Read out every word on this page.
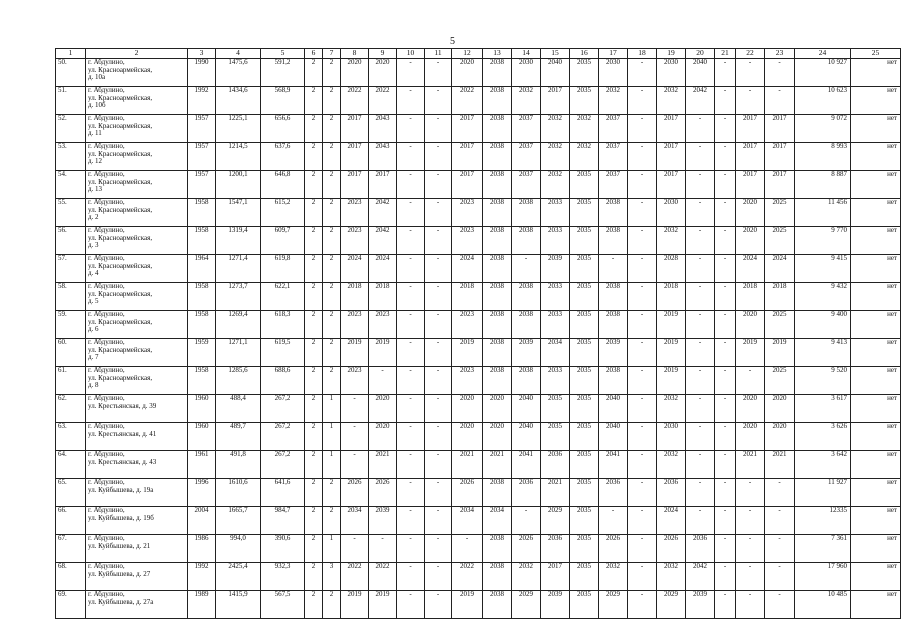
5
1	2	3	4	5	6	7	8	9	10	11	12	13	14	15	16	17	18	19	20	21	22	23	24	25
50.	г. Абдулино,
ул. Красноармейская,
д. 10а	1990	1475,6	591,2	2	2	2020	2020	-	-	2020	2038	2030	2040	2035	2030	-	2030	2040	-	-	-	10 927	нет
51.	г. Абдулино,
ул. Красноармейская,
д. 10б	1992	1434,6	568,9	2	2	2022	2022	-	-	2022	2038	2032	2017	2035	2032	-	2032	2042	-	-	-	10 623	нет
52.	г. Абдулино,
ул. Красноармейская,
д. 11	1957	1225,1	656,6	2	2	2017	2043	-	-	2017	2038	2037	2032	2032	2037	-	2017	-	-	2017	2017	9 072	нет
53.	г. Абдулино,
ул. Красноармейская,
д. 12	1957	1214,5	637,6	2	2	2017	2043	-	-	2017	2038	2037	2032	2032	2037	-	2017	-	-	2017	2017	8 993	нет
54.	г. Абдулино,
ул. Красноармейская,
д. 13	1957	1200,1	646,8	2	2	2017	2017	-	-	2017	2038	2037	2032	2035	2037	-	2017	-	-	2017	2017	8 887	нет
55.	г. Абдулино,
ул. Красноармейская,
д. 2	1958	1547,1	615,2	2	2	2023	2042	-	-	2023	2038	2038	2033	2035	2038	-	2030	-	-	2020	2025	11 456	нет
56.	г. Абдулино,
ул. Красноармейская,
д. 3	1958	1319,4	609,7	2	2	2023	2042	-	-	2023	2038	2038	2033	2035	2038	-	2032	-	-	2020	2025	9 770	нет
57.	г. Абдулино,
ул. Красноармейская,
д. 4	1964	1271,4	619,8	2	2	2024	2024	-	-	2024	2038	-	2039	2035	-	-	2028	-	-	2024	2024	9 415	нет
58.	г. Абдулино,
ул. Красноармейская,
д. 5	1958	1273,7	622,1	2	2	2018	2018	-	-	2018	2038	2038	2033	2035	2038	-	2018	-	-	2018	2018	9 432	нет
59.	г. Абдулино,
ул. Красноармейская,
д. 6	1958	1269,4	618,3	2	2	2023	2023	-	-	2023	2038	2038	2033	2035	2038	-	2019	-	-	2020	2025	9 400	нет
60.	г. Абдулино,
ул. Красноармейская,
д. 7	1959	1271,1	619,5	2	2	2019	2019	-	-	2019	2038	2039	2034	2035	2039	-	2019	-	-	2019	2019	9 413	нет
61.	г. Абдулино,
ул. Красноармейская,
д. 8	1958	1285,6	688,6	2	2	2023	-	-	-	2023	2038	2038	2033	2035	2038	-	2019	-	-	-	2025	9 520	нет
62.	г. Абдулино,
ул. Крестьянская, д. 39	1960	488,4	267,2	2	1	-	2020	-	-	2020	2020	2040	2035	2035	2040	-	2032	-	-	2020	2020	3 617	нет
63.	г. Абдулино,
ул. Крестьянская, д. 41	1960	489,7	267,2	2	1	-	2020	-	-	2020	2020	2040	2035	2035	2040	-	2030	-	-	2020	2020	3 626	нет
64.	г. Абдулино,
ул. Крестьянская, д. 43	1961	491,8	267,2	2	1	-	2021	-	-	2021	2021	2041	2036	2035	2041	-	2032	-	-	2021	2021	3 642	нет
65.	г. Абдулино,
ул. Куйбышева, д. 19а	1996	1610,6	641,6	2	2	2026	2026	-	-	2026	2038	2036	2021	2035	2036	-	2036	-	-	-	-	11 927	нет
66.	г. Абдулино,
ул. Куйбышева, д. 19б	2004	1665,7	984,7	2	2	2034	2039	-	-	2034	2034	-	2029	2035	-	-	2024	-	-	-	-	12335	нет
67.	г. Абдулино,
ул. Куйбышева, д. 21	1986	994,0	390,6	2	1	-	-	-	-	-	2038	2026	2036	2035	2026	-	2026	2036	-	-	-	7 361	нет
68.	г. Абдулино,
ул. Куйбышева, д. 27	1992	2425,4	932,3	2	3	2022	2022	-	-	2022	2038	2032	2017	2035	2032	-	2032	2042	-	-	-	17 960	нет
69.	г. Абдулино,
ул. Куйбышева, д. 27а	1989	1415,9	567,5	2	2	2019	2019	-	-	2019	2038	2029	2039	2035	2029	-	2029	2039	-	-	-	10 485	нет
